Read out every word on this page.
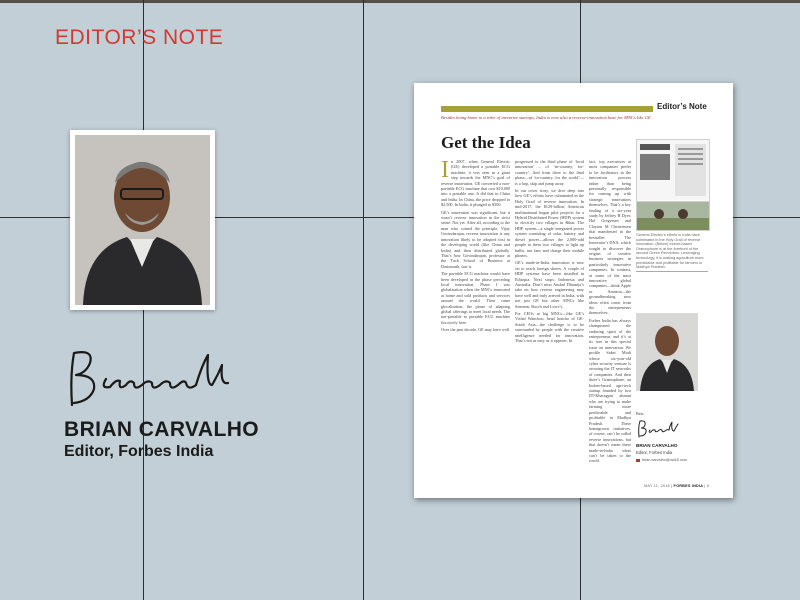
EDITOR’S NOTE
BRIAN CARVALHO
Editor, Forbes India
Editor’s Note
Besides being home to a tribe of inventive startups, India is now also a reverse-innovation base for MNCs like GE
Get the Idea

In 2007, when General Electric (GE) developed a portable ECG machine, it was seen as a giant step towards the MNC’s goal of reverse innovation. GE converted a non-portable ECG machine that cost $10,000 into a portable one. It did that in China and India. In China, the price dropped to $2,500. In India, it plunged to $500.

GE’s innovation was significant, but it wasn’t reverse innovation in the strict sense. Not yet. After all, according to the man who coined the principle, Vijay Govindarajan, reverse innovation is any innovation likely to be adopted first in the developing world (like China and India) and then distributed globally. That’s how Govindarajan, professor at the Tuck School of Business at Dartmouth, saw it.

The portable ECG machine would have been developed in the phase preceding local innovation. Phase I was globalisation when the MNCs innovated at home and sold products and services around the world. Then came glocalisation, the phase of adapting global offerings to meet local needs. The not-portable to portable ECG machine fits nicely here.

Over the past decade, GE may have well

progressed to the third phase of ‘local innovation’ – of ‘in-country, for-country’. And from there to the final phase—of ‘in-country, for the world’—is a hop, skip and jump away.

In our cover story, we dive deep into how GE’s efforts have culminated in the Holy Grail of reverse innovation. In mid-2017, the $129-billion American multinational began pilot projects for a Hybrid Distributed Power (HDP) system to electrify two villages in Bihar. The HDP system—a single integrated power system consisting of solar, battery and diesel power—allows the 2,000-odd people in these two villages to light up bulbs, run fans and charge their mobile phones.

GE’s made-in-India innovation is now set to reach foreign shores. A couple of HDP systems have been installed in Ethiopia. Next stops: Indonesia and Australia. Don’t miss Anshul Dhamija’s take on how reverse engineering may have well and truly arrived in India, with not just GE but other MNCs like Siemens, Bosch and Lowe’s.

For CEOs at big MNCs—like GE’s Vishal Wanchoo, head honcho of GE-South Asia—the challenge is to be surrounded by people with the creative intelligence needed for innovation. That’s not as easy as it appears. In

fact, top executives at most companies prefer to be facilitators in the innovation process rather than being personally responsible for coming up with strategic innovations themselves. That’s a key finding of a six-year study by Jeffrey H Dyer, Hal Gregersen and Clayton M Christensen that manifested in the bestseller The Innovator’s DNA, which sought to discover the origins of creative business strategies in particularly innovative companies. In contrast, at some of the most innovative global companies—think Apple or Amazon—the groundbreaking new ideas often come from the entrepreneurs themselves.

Forbes India has always championed the enduring spirit of the entrepreneur, and it’s at its fore in this special issue on innovation. We profile Saket Modi whose six-year-old cyber security venture is securing the IT networks of companies. And then there’s Gramophone, an Indore-based agri-tech startup founded by two IIT-Kharagpur alumni who are trying to make farming more predictable and profitable in Madhya Pradesh. These homegrown initiatives, of course, can’t be called reverse innovations, but that doesn’t mean these made-in-India ideas can’t be taken to the world.

General Electric’s efforts in India have culminated in the Holy Grail of reverse innovation. (Below) Indore-based Gramophone is at the forefront of the second Green Revolution. Leveraging technology, it is making agriculture more predictable and profitable for farmers in Madhya Pradesh
Best,
BRIAN CARVALHO
Editor, Forbes India
brian.carvalho@nw18.com
MAY 11, 2018 | FORBES INDIA | 5
